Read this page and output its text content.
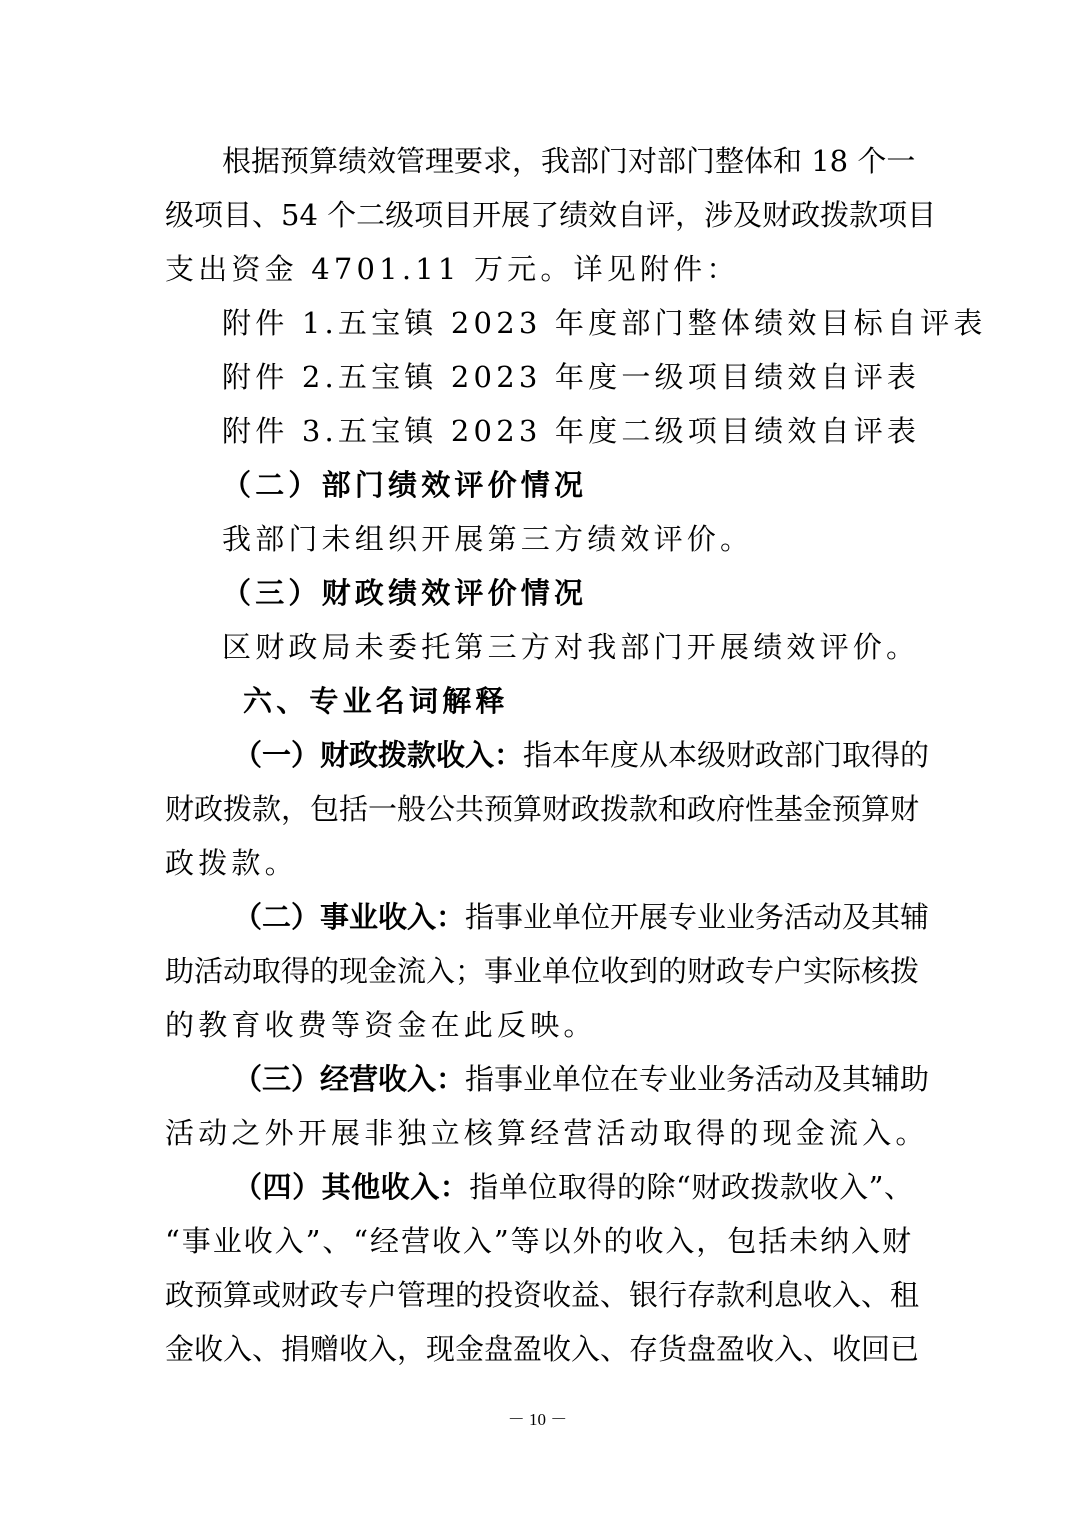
根据预算绩效管理要求，我部门对部门整体和 18 个一
级项目、54 个二级项目开展了绩效自评，涉及财政拨款项目
支出资金 4701.11 万元。详见附件：
附件 1.五宝镇 2023 年度部门整体绩效目标自评表
附件 2.五宝镇 2023 年度一级项目绩效自评表
附件 3.五宝镇 2023 年度二级项目绩效自评表
（二）部门绩效评价情况
我部门未组织开展第三方绩效评价。
（三）财政绩效评价情况
区财政局未委托第三方对我部门开展绩效评价。
六、专业名词解释
（一）财政拨款收入：指本年度从本级财政部门取得的
财政拨款，包括一般公共预算财政拨款和政府性基金预算财
政拨款。
（二）事业收入：指事业单位开展专业业务活动及其辅
助活动取得的现金流入；事业单位收到的财政专户实际核拨
的教育收费等资金在此反映。
（三）经营收入：指事业单位在专业业务活动及其辅助
活动之外开展非独立核算经营活动取得的现金流入。
（四）其他收入：指单位取得的除“财政拨款收入”、
“事业收入”、“经营收入”等以外的收入，包括未纳入财
政预算或财政专户管理的投资收益、银行存款利息收入、租
金收入、捐赠收入，现金盘盈收入、存货盘盈收入、收回已
－ 10 －
